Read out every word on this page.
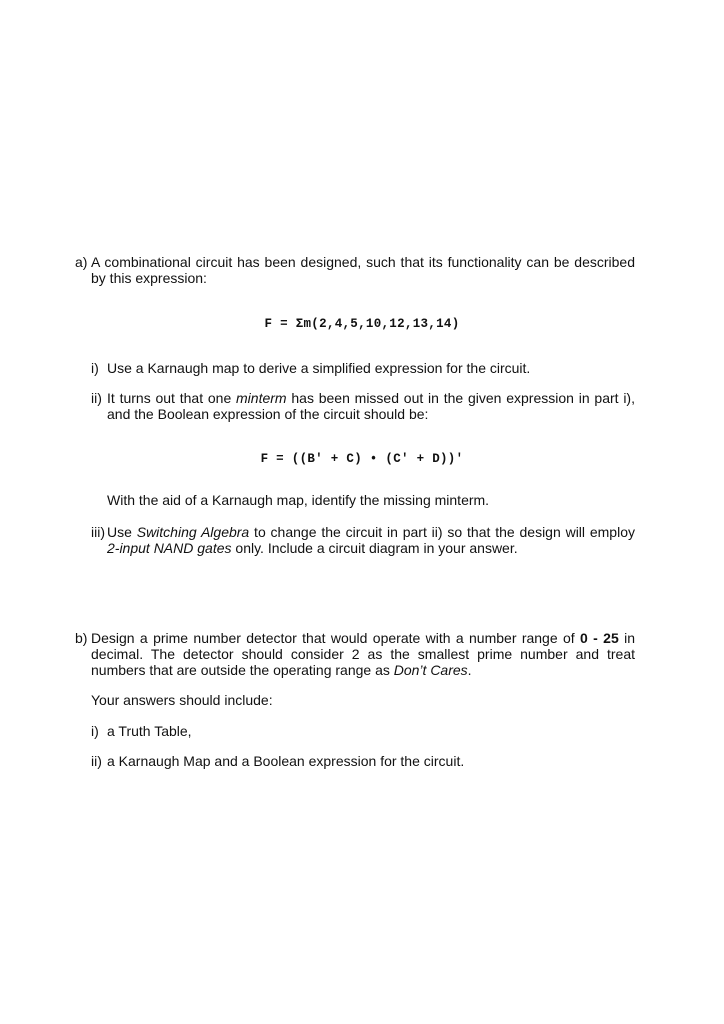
a) A combinational circuit has been designed, such that its functionality can be described
by this expression:
F = Σm(2,4,5,10,12,13,14)
i) Use a Karnaugh map to derive a simplified expression for the circuit.
ii) It turns out that one minterm has been missed out in the given expression in part i),
and the Boolean expression of the circuit should be:
F = ((B′ + C) • (C′ + D))′
With the aid of a Karnaugh map, identify the missing minterm.
iii) Use Switching Algebra to change the circuit in part ii) so that the design will employ
2-input NAND gates only. Include a circuit diagram in your answer.
b) Design a prime number detector that would operate with a number range of 0 - 25 in
decimal. The detector should consider 2 as the smallest prime number and treat
numbers that are outside the operating range as Don’t Cares.
Your answers should include:
i) a Truth Table,
ii) a Karnaugh Map and a Boolean expression for the circuit.
